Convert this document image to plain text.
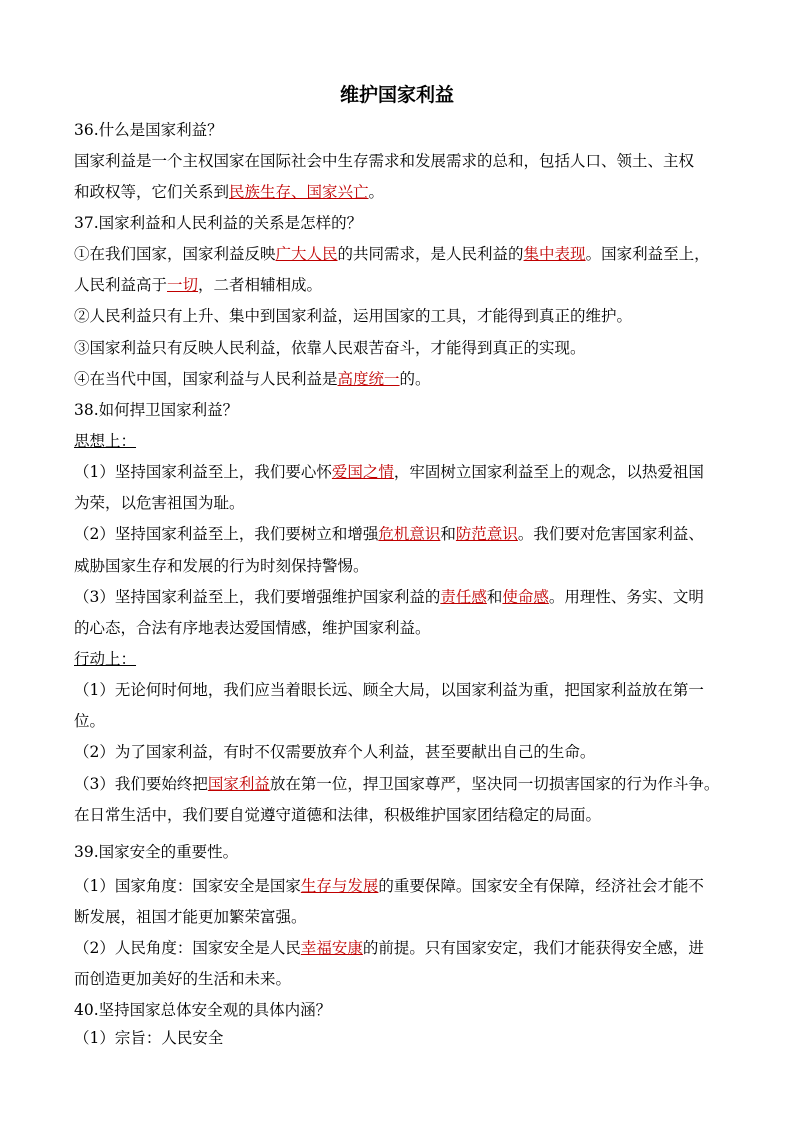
维护国家利益
36.什么是国家利益？
国家利益是一个主权国家在国际社会中生存需求和发展需求的总和，包括人口、领土、主权
和政权等，它们关系到民族生存、国家兴亡。
37.国家利益和人民利益的关系是怎样的？
①在我们国家，国家利益反映广大人民的共同需求，是人民利益的集中表现。国家利益至上，
人民利益高于一切，二者相辅相成。
②人民利益只有上升、集中到国家利益，运用国家的工具，才能得到真正的维护。
③国家利益只有反映人民利益，依靠人民艰苦奋斗，才能得到真正的实现。
④在当代中国，国家利益与人民利益是高度统一的。
38.如何捍卫国家利益？
思想上：
（1）坚持国家利益至上，我们要心怀爱国之情，牢固树立国家利益至上的观念，以热爱祖国
为荣，以危害祖国为耻。
（2）坚持国家利益至上，我们要树立和增强危机意识和防范意识。我们要对危害国家利益、
威胁国家生存和发展的行为时刻保持警惕。
（3）坚持国家利益至上，我们要增强维护国家利益的责任感和使命感。用理性、务实、文明
的心态，合法有序地表达爱国情感，维护国家利益。
行动上：
（1）无论何时何地，我们应当着眼长远、顾全大局，以国家利益为重，把国家利益放在第一
位。
（2）为了国家利益，有时不仅需要放弃个人利益，甚至要献出自己的生命。
（3）我们要始终把国家利益放在第一位，捍卫国家尊严，坚决同一切损害国家的行为作斗争。
在日常生活中，我们要自觉遵守道德和法律，积极维护国家团结稳定的局面。
39.国家安全的重要性。
（1）国家角度：国家安全是国家生存与发展的重要保障。国家安全有保障，经济社会才能不
断发展，祖国才能更加繁荣富强。
（2）人民角度：国家安全是人民幸福安康的前提。只有国家安定，我们才能获得安全感，进
而创造更加美好的生活和未来。
40.坚持国家总体安全观的具体内涵？
（1）宗旨：人民安全
